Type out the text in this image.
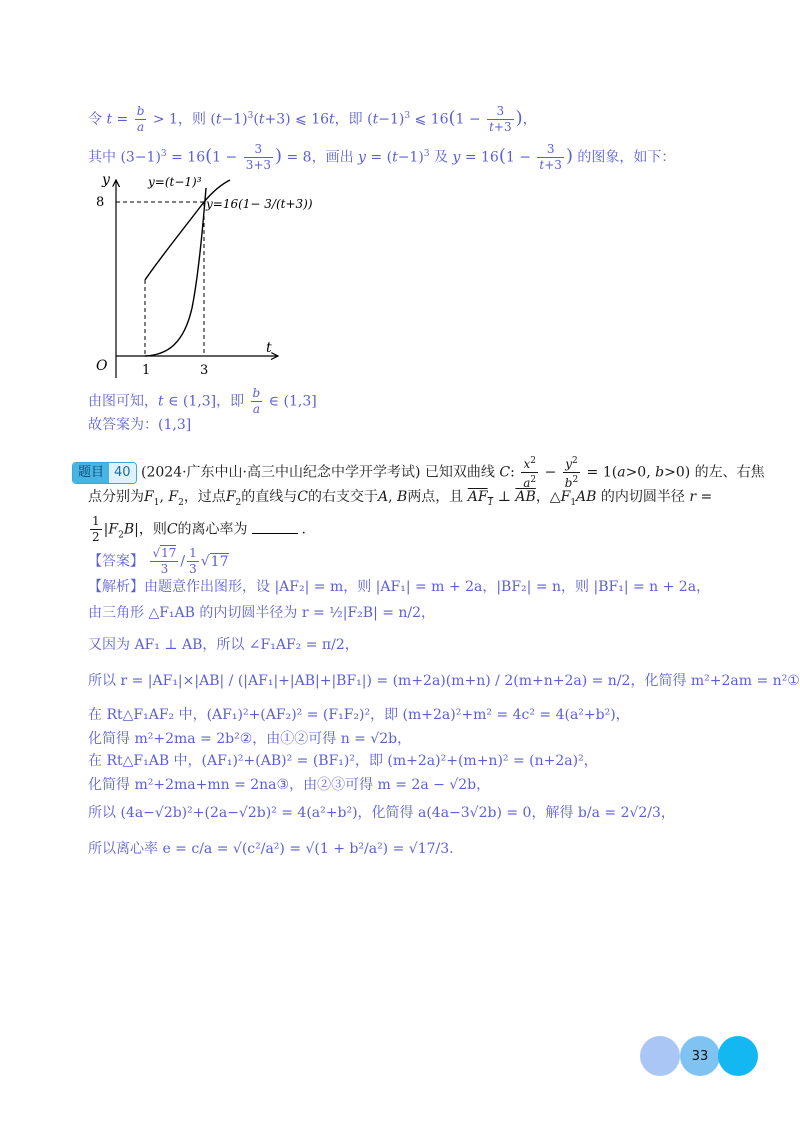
令 $t = \frac{b}{a} > 1$，则 $(t-1)^3(t+3)$ ⩽ 16t，即 $(t-1)^3$ ⩽ $16(1 - \frac{3}{t+3}$ )，
其中 $(3-1)^3 = 16(1 - \frac{3}{3+3}$ ) = 8，画出 $y = (t-1)^3$ 及 $y = 16(1 - \frac{3}{t+3}$ ) 的图象，如下：
y
t
O	1	3
8
y=(t−1)³
y=16(1− 3/(t+3))
由图可知，t ∈ (1,3]，即 $\frac{b}{a}$ ∈ (1,3]
故答案为：(1,3]
题目 40 (2024·广东中山·高三中山纪念中学开学考试) 已知双曲线 C: $\frac{x^2}{a^2} - \frac{y^2}{b^2} = 1(a>0$, b>0) 的左、右焦
点分别为$F_1$, $F_2$，过点$F_2$的直线与C的右支交于A, B两点，且 $AF_1$ ⊥ $\overline{AB}$，$\triangle F_1AB$ 的内切圆半径 r =
$\frac{1}{2} |F_2B|$，则C的离心率为	.
【答案】 $\frac{√17}{3} / \frac{1}{3} √17$
【解析】由题意作出图形，设 |AF₂| = m，则 |AF₁| = m + 2a，|BF₂| = n，则 |BF₁| = n + 2a，
由三角形 △F₁AB 的内切圆半径为 r = ½|F₂B| = n/2，
又因为 AF₁ ⊥ AB，所以 ∠F₁AF₂ = π/2，
所以 r = |AF₁|×|AB| / (|AF₁|+|AB|+|BF₁|) = (m+2a)(m+n) / 2(m+n+2a) = n/2，化简得 m²+2am = n²①
在 Rt△F₁AF₂ 中，(AF₁)²+(AF₂)² = (F₁F₂)²，即 (m+2a)²+m² = 4c² = 4(a²+b²)，
化简得 m²+2ma = 2b²②，由①②可得 n = √2b，
在 Rt△F₁AB 中，(AF₁)²+(AB)² = (BF₁)²，即 (m+2a)²+(m+n)² = (n+2a)²，
化简得 m²+2ma+mn = 2na③，由②③可得 m = 2a − √2b，
所以 (4a−√2b)²+(2a−√2b)² = 4(a²+b²)，化简得 a(4a−3√2b) = 0，解得 b/a = 2√2/3，
所以离心率 e = c/a = √(c²/a²) = √(1 + b²/a²) = √17/3.
33
